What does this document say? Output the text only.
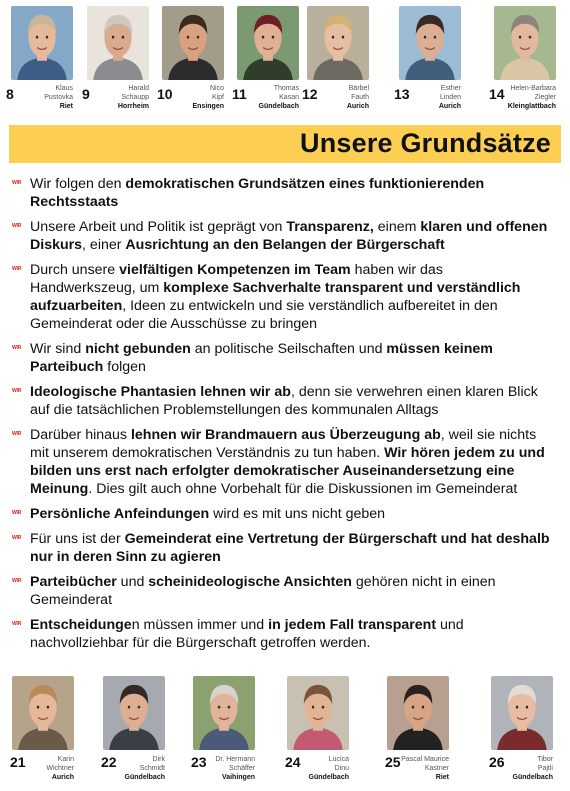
8	Klaus
Pustovka
Riet
9	Harald
Schaupp
Horrheim
10	Nico
Kipf
Ensingen
11	Thomas
Kasan
Gündelbach
12	Bärbel
Fauth
Aurich
13	Esther
Linden
Aurich
14 Helen-Barbara
Ziegler
Kleinglattbach
Unsere Grundsätze
WIR Wir folgen den demokratischen Grundsätzen eines funktionierenden Rechtsstaats
WIR Unsere Arbeit und Politik ist geprägt von Transparenz, einem klaren und offenen Diskurs, einer Ausrichtung an den Belangen der Bürgerschaft
WIR Durch unsere vielfältigen Kompetenzen im Team haben wir das Handwerkszeug, um komplexe Sachverhalte transparent und verständlich aufzuarbeiten, Ideen zu entwickeln und sie verständlich aufbereitet in den Gemeinderat oder die Ausschüsse zu bringen
WIR Wir sind nicht gebunden an politische Seilschaften und müssen keinem Parteibuch folgen
WIR Ideologische Phantasien lehnen wir ab, denn sie verwehren einen klaren Blick auf die tatsächlichen Problemstellungen des kommunalen Alltags
WIR Darüber hinaus lehnen wir Brandmauern aus Überzeugung ab, weil sie nichts mit unserem demokratischen Verständnis zu tun haben. Wir hören jedem zu und bilden uns erst nach erfolgter demokratischer Auseinandersetzung eine Meinung. Dies gilt auch ohne Vorbehalt für die Diskussionen im Gemeinderat
WIR Persönliche Anfeindungen wird es mit uns nicht geben
WIR Für uns ist der Gemeinderat eine Vertretung der Bürgerschaft und hat deshalb nur in deren Sinn zu agieren
WIR Parteibücher und scheinideologische Ansichten gehören nicht in einen Gemeinderat
WIR Entscheidungen müssen immer und in jedem Fall transparent und nachvollziehbar für die Bürgerschaft getroffen werden.
21	Karin
Wichtner
Aurich
22	Dirk
Schmidt
Gündelbach
23 Dr. Hermann
Schäffer
Vaihingen
24	Lucica
Dinu
Gündelbach
25 Pascal Maurice
Kastner
Riet
26	Tibor
Pajtli
Gündelbach
